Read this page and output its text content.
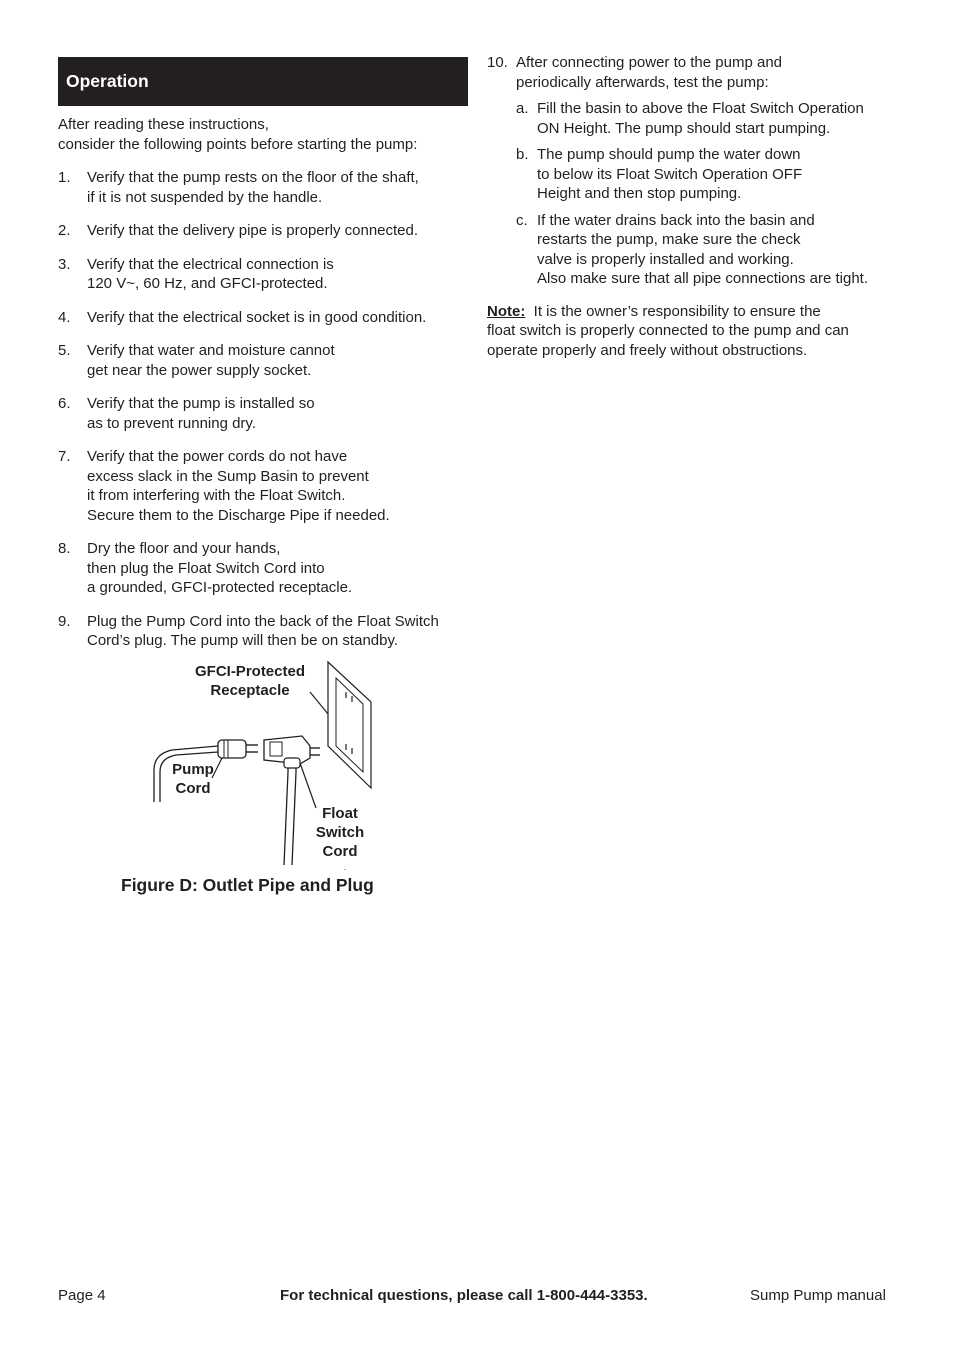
Operation
After reading these instructions,
consider the following points before starting the pump:
1. Verify that the pump rests on the floor of the shaft,
if it is not suspended by the handle.
2. Verify that the delivery pipe is properly connected.
3. Verify that the electrical connection is
120 V~, 60 Hz, and GFCI-protected.
4. Verify that the electrical socket is in good condition.
5. Verify that water and moisture cannot
get near the power supply socket.
6. Verify that the pump is installed so
as to prevent running dry.
7. Verify that the power cords do not have
excess slack in the Sump Basin to prevent
it from interfering with the Float Switch.
Secure them to the Discharge Pipe if needed.
8. Dry the floor and your hands,
then plug the Float Switch Cord into
a grounded, GFCI-protected receptacle.
9. Plug the Pump Cord into the back of the Float Switch
Cord’s plug. The pump will then be on standby.
GFCI-Protected
Receptacle
Pump
Cord
Float
Switch
Cord
Figure D: Outlet Pipe and Plug
10. After connecting power to the pump and
periodically afterwards, test the pump:
a. Fill the basin to above the Float Switch Operation
ON Height. The pump should start pumping.
b. The pump should pump the water down
to below its Float Switch Operation OFF
Height and then stop pumping.
c. If the water drains back into the basin and
restarts the pump, make sure the check
valve is properly installed and working.
Also make sure that all pipe connections are tight.
Note:  It is the owner’s responsibility to ensure the
float switch is properly connected to the pump and can
operate properly and freely without obstructions.
Page 4	For technical questions, please call 1-800-444-3353.	Sump Pump manual
